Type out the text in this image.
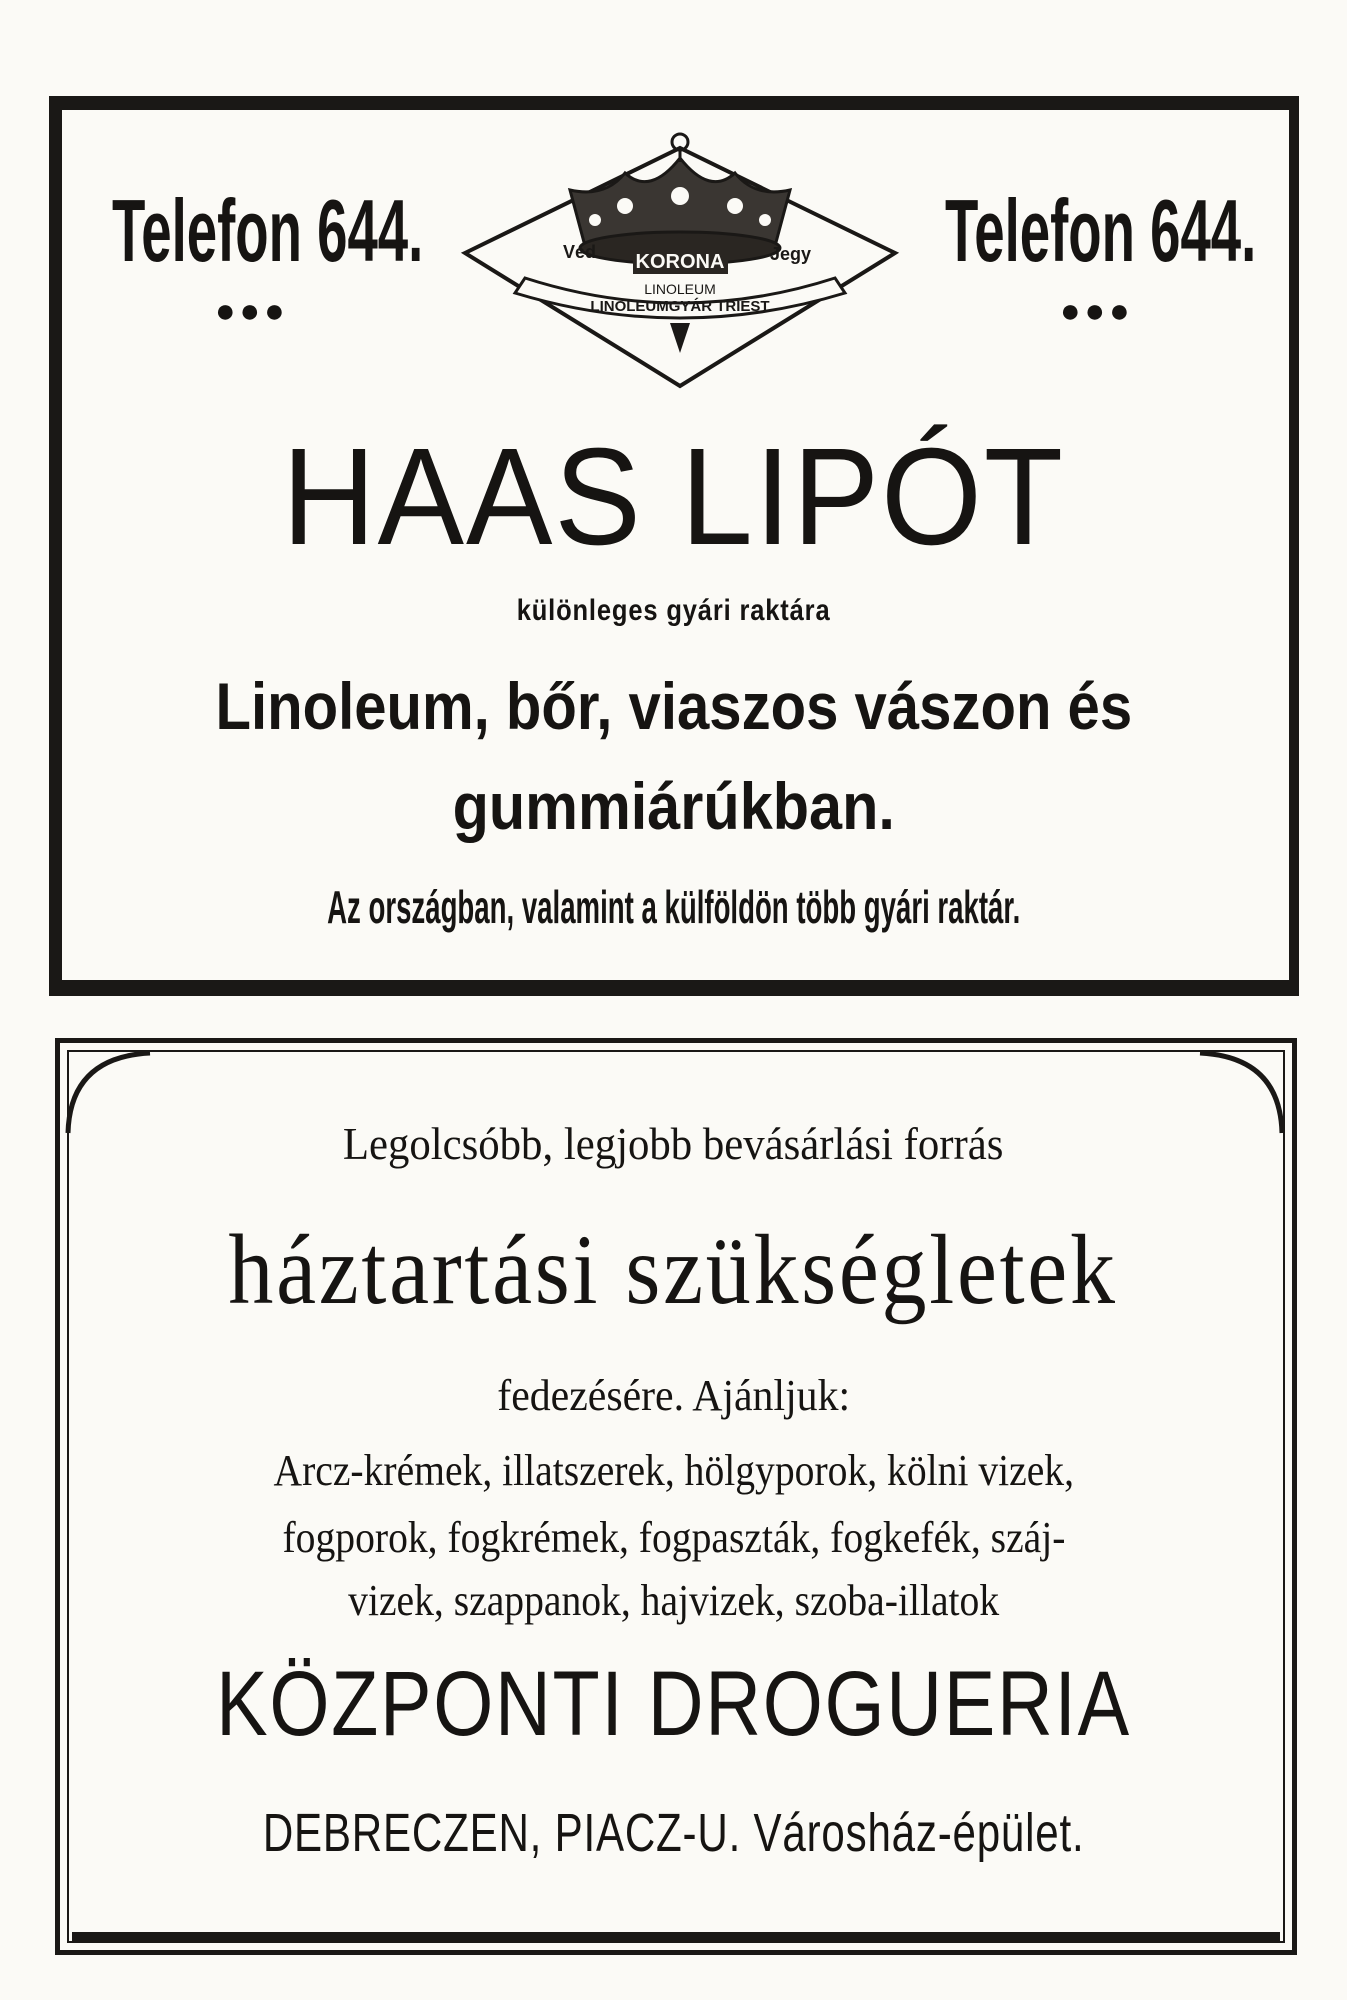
Telefon 644.	Telefon 644.
●●●	●●●
KORONA
LINOLEUM
Véd	Jegy
LINOLEUMGYÁR TRIEST
HAAS LIPÓT
különleges gyári raktára
Linoleum, bőr, viaszos vászon és
gummiárúkban.
Az országban, valamint a külföldön több gyári raktár.
Legolcsóbb, legjobb bevásárlási forrás
háztartási szükségletek
fedezésére. Ajánljuk:
Arcz-krémek, illatszerek, hölgyporok, kölni vizek,
fogporok, fogkrémek, fogpaszták, fogkefék, száj-
vizek, szappanok, hajvizek, szoba-illatok
KÖZPONTI DROGUERIA
DEBRECZEN, PIACZ-U. Városház-épület.
